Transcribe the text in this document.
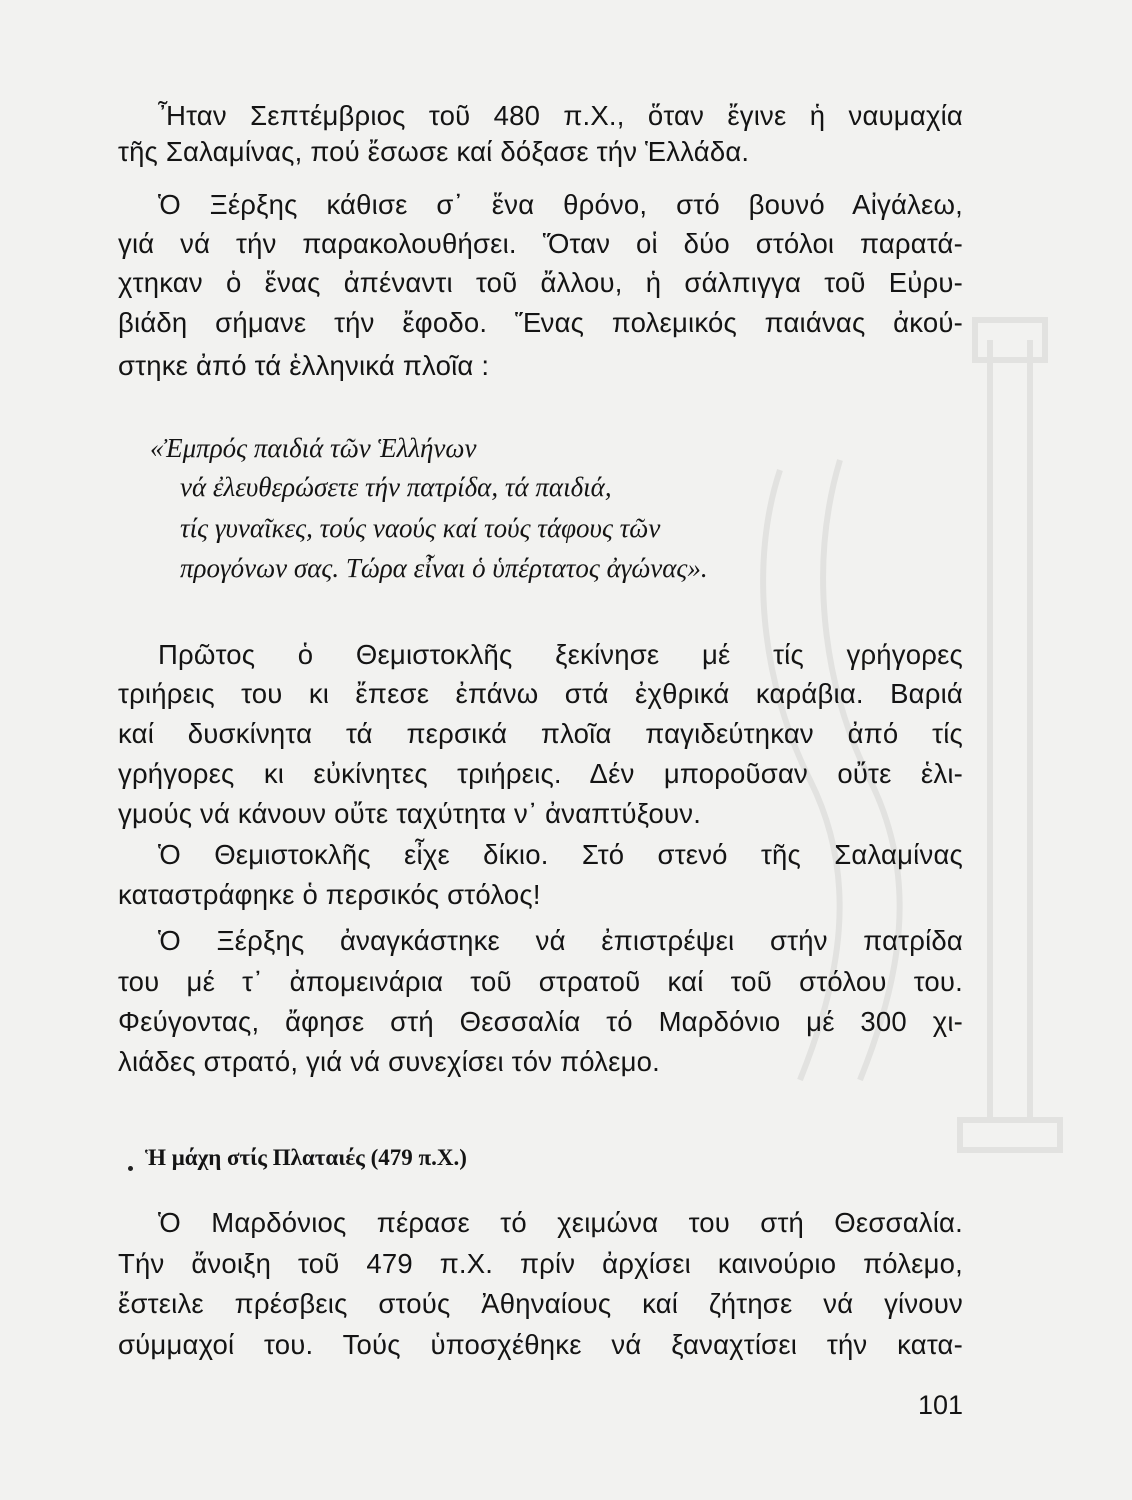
Ἦταν Σεπτέμβριος τοῦ 480 π.Χ., ὅταν ἔγινε ἡ ναυμαχία
τῆς Σαλαμίνας, πού ἔσωσε καί δόξασε τήν Ἑλλάδα.
Ὁ Ξέρξης κάθισε σ᾿ ἕνα θρόνο, στό βουνό Αἰγάλεω,
γιά νά τήν παρακολουθήσει. Ὅταν οἱ δύο στόλοι παρατά-
χτηκαν ὁ ἕνας ἀπέναντι τοῦ ἄλλου, ἡ σάλπιγγα τοῦ Εὐρυ-
βιάδη σήμανε τήν ἔφοδο. Ἕνας πολεμικός παιάνας ἀκού-
στηκε ἀπό τά ἑλληνικά πλοῖα :
«Ἐμπρός παιδιά τῶν Ἑλλήνων
νά ἐλευθερώσετε τήν πατρίδα, τά παιδιά,
τίς γυναῖκες, τούς ναούς καί τούς τάφους τῶν
προγόνων σας. Τώρα εἶναι ὁ ὑπέρτατος ἀγώνας».
Πρῶτος ὁ Θεμιστοκλῆς ξεκίνησε μέ τίς γρήγορες
τριήρεις του κι ἔπεσε ἐπάνω στά ἐχθρικά καράβια. Βαριά
καί δυσκίνητα τά περσικά πλοῖα παγιδεύτηκαν ἀπό τίς
γρήγορες κι εὐκίνητες τριήρεις. Δέν μποροῦσαν οὔτε ἑλι-
γμούς νά κάνουν οὔτε ταχύτητα ν᾿ ἀναπτύξουν.
Ὁ Θεμιστοκλῆς εἶχε δίκιο. Στό στενό τῆς Σαλαμίνας
καταστράφηκε ὁ περσικός στόλος!
Ὁ Ξέρξης ἀναγκάστηκε νά ἐπιστρέψει στήν πατρίδα
του μέ τ᾿ ἀπομεινάρια τοῦ στρατοῦ καί τοῦ στόλου του.
Φεύγοντας, ἄφησε στή Θεσσαλία τό Μαρδόνιο μέ 300 χι-
λιάδες στρατό, γιά νά συνεχίσει τόν πόλεμο.
Ἡ μάχη στίς Πλαταιές (479 π.Χ.)
Ὁ Μαρδόνιος πέρασε τό χειμώνα του στή Θεσσαλία.
Τήν ἄνοιξη τοῦ 479 π.Χ. πρίν ἀρχίσει καινούριο πόλεμο,
ἔστειλε πρέσβεις στούς Ἀθηναίους καί ζήτησε νά γίνουν
σύμμαχοί του. Τούς ὑποσχέθηκε νά ξαναχτίσει τήν κατα-
101
